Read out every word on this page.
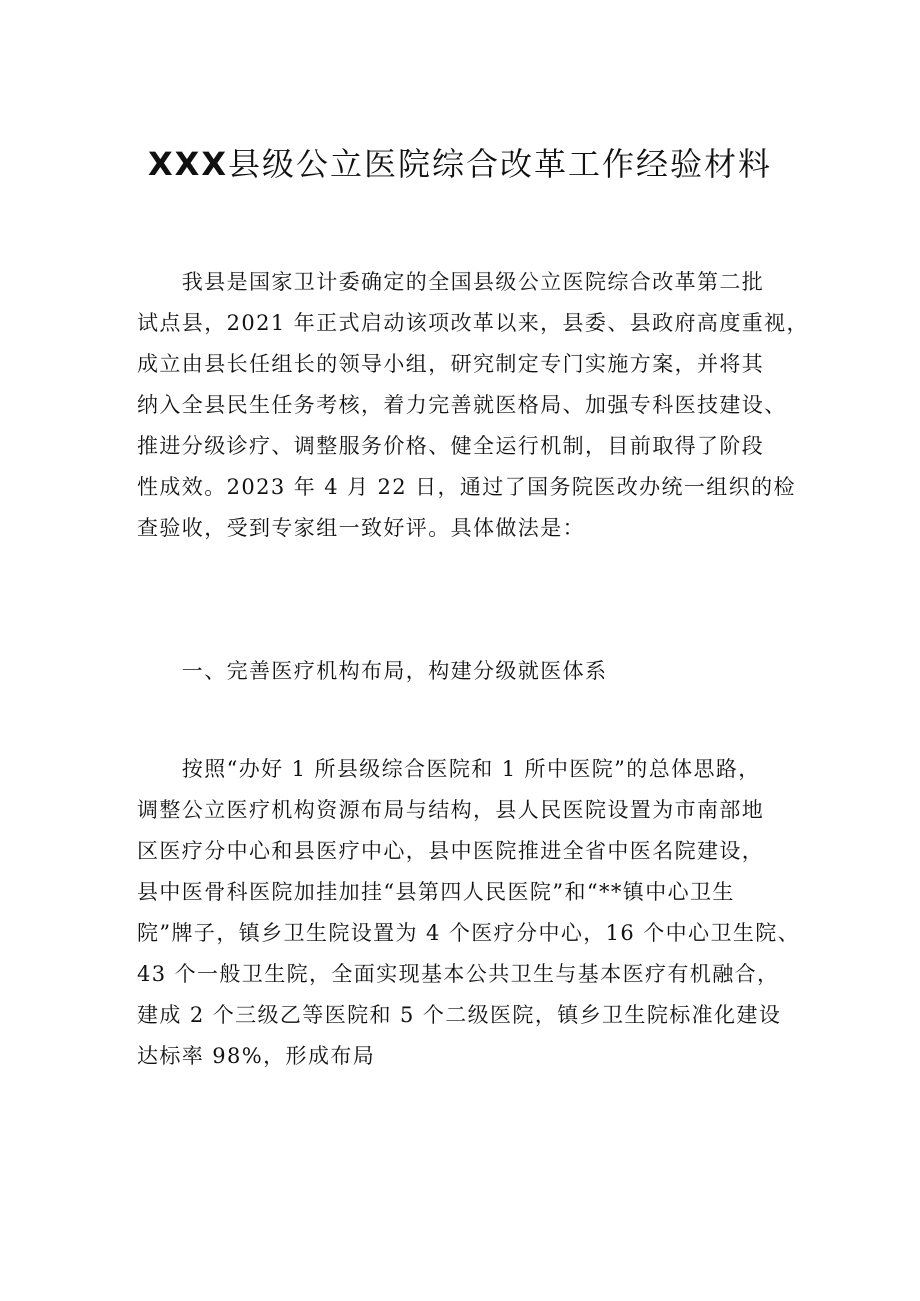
XXX县级公立医院综合改革工作经验材料
　　我县是国家卫计委确定的全国县级公立医院综合改革第二批
试点县，2021 年正式启动该项改革以来，县委、县政府高度重视，
成立由县长任组长的领导小组，研究制定专门实施方案，并将其
纳入全县民生任务考核，着力完善就医格局、加强专科医技建设、
推进分级诊疗、调整服务价格、健全运行机制，目前取得了阶段
性成效。2023 年 4 月 22 日，通过了国务院医改办统一组织的检
查验收，受到专家组一致好评。具体做法是：
　　一、完善医疗机构布局，构建分级就医体系
　　按照“办好 1 所县级综合医院和 1 所中医院”的总体思路，
调整公立医疗机构资源布局与结构，县人民医院设置为市南部地
区医疗分中心和县医疗中心，县中医院推进全省中医名院建设，
县中医骨科医院加挂加挂“县第四人民医院”和“**镇中心卫生
院”牌子，镇乡卫生院设置为 4 个医疗分中心，16 个中心卫生院、
43 个一般卫生院，全面实现基本公共卫生与基本医疗有机融合，
建成 2 个三级乙等医院和 5 个二级医院，镇乡卫生院标准化建设
达标率 98%，形成布局
